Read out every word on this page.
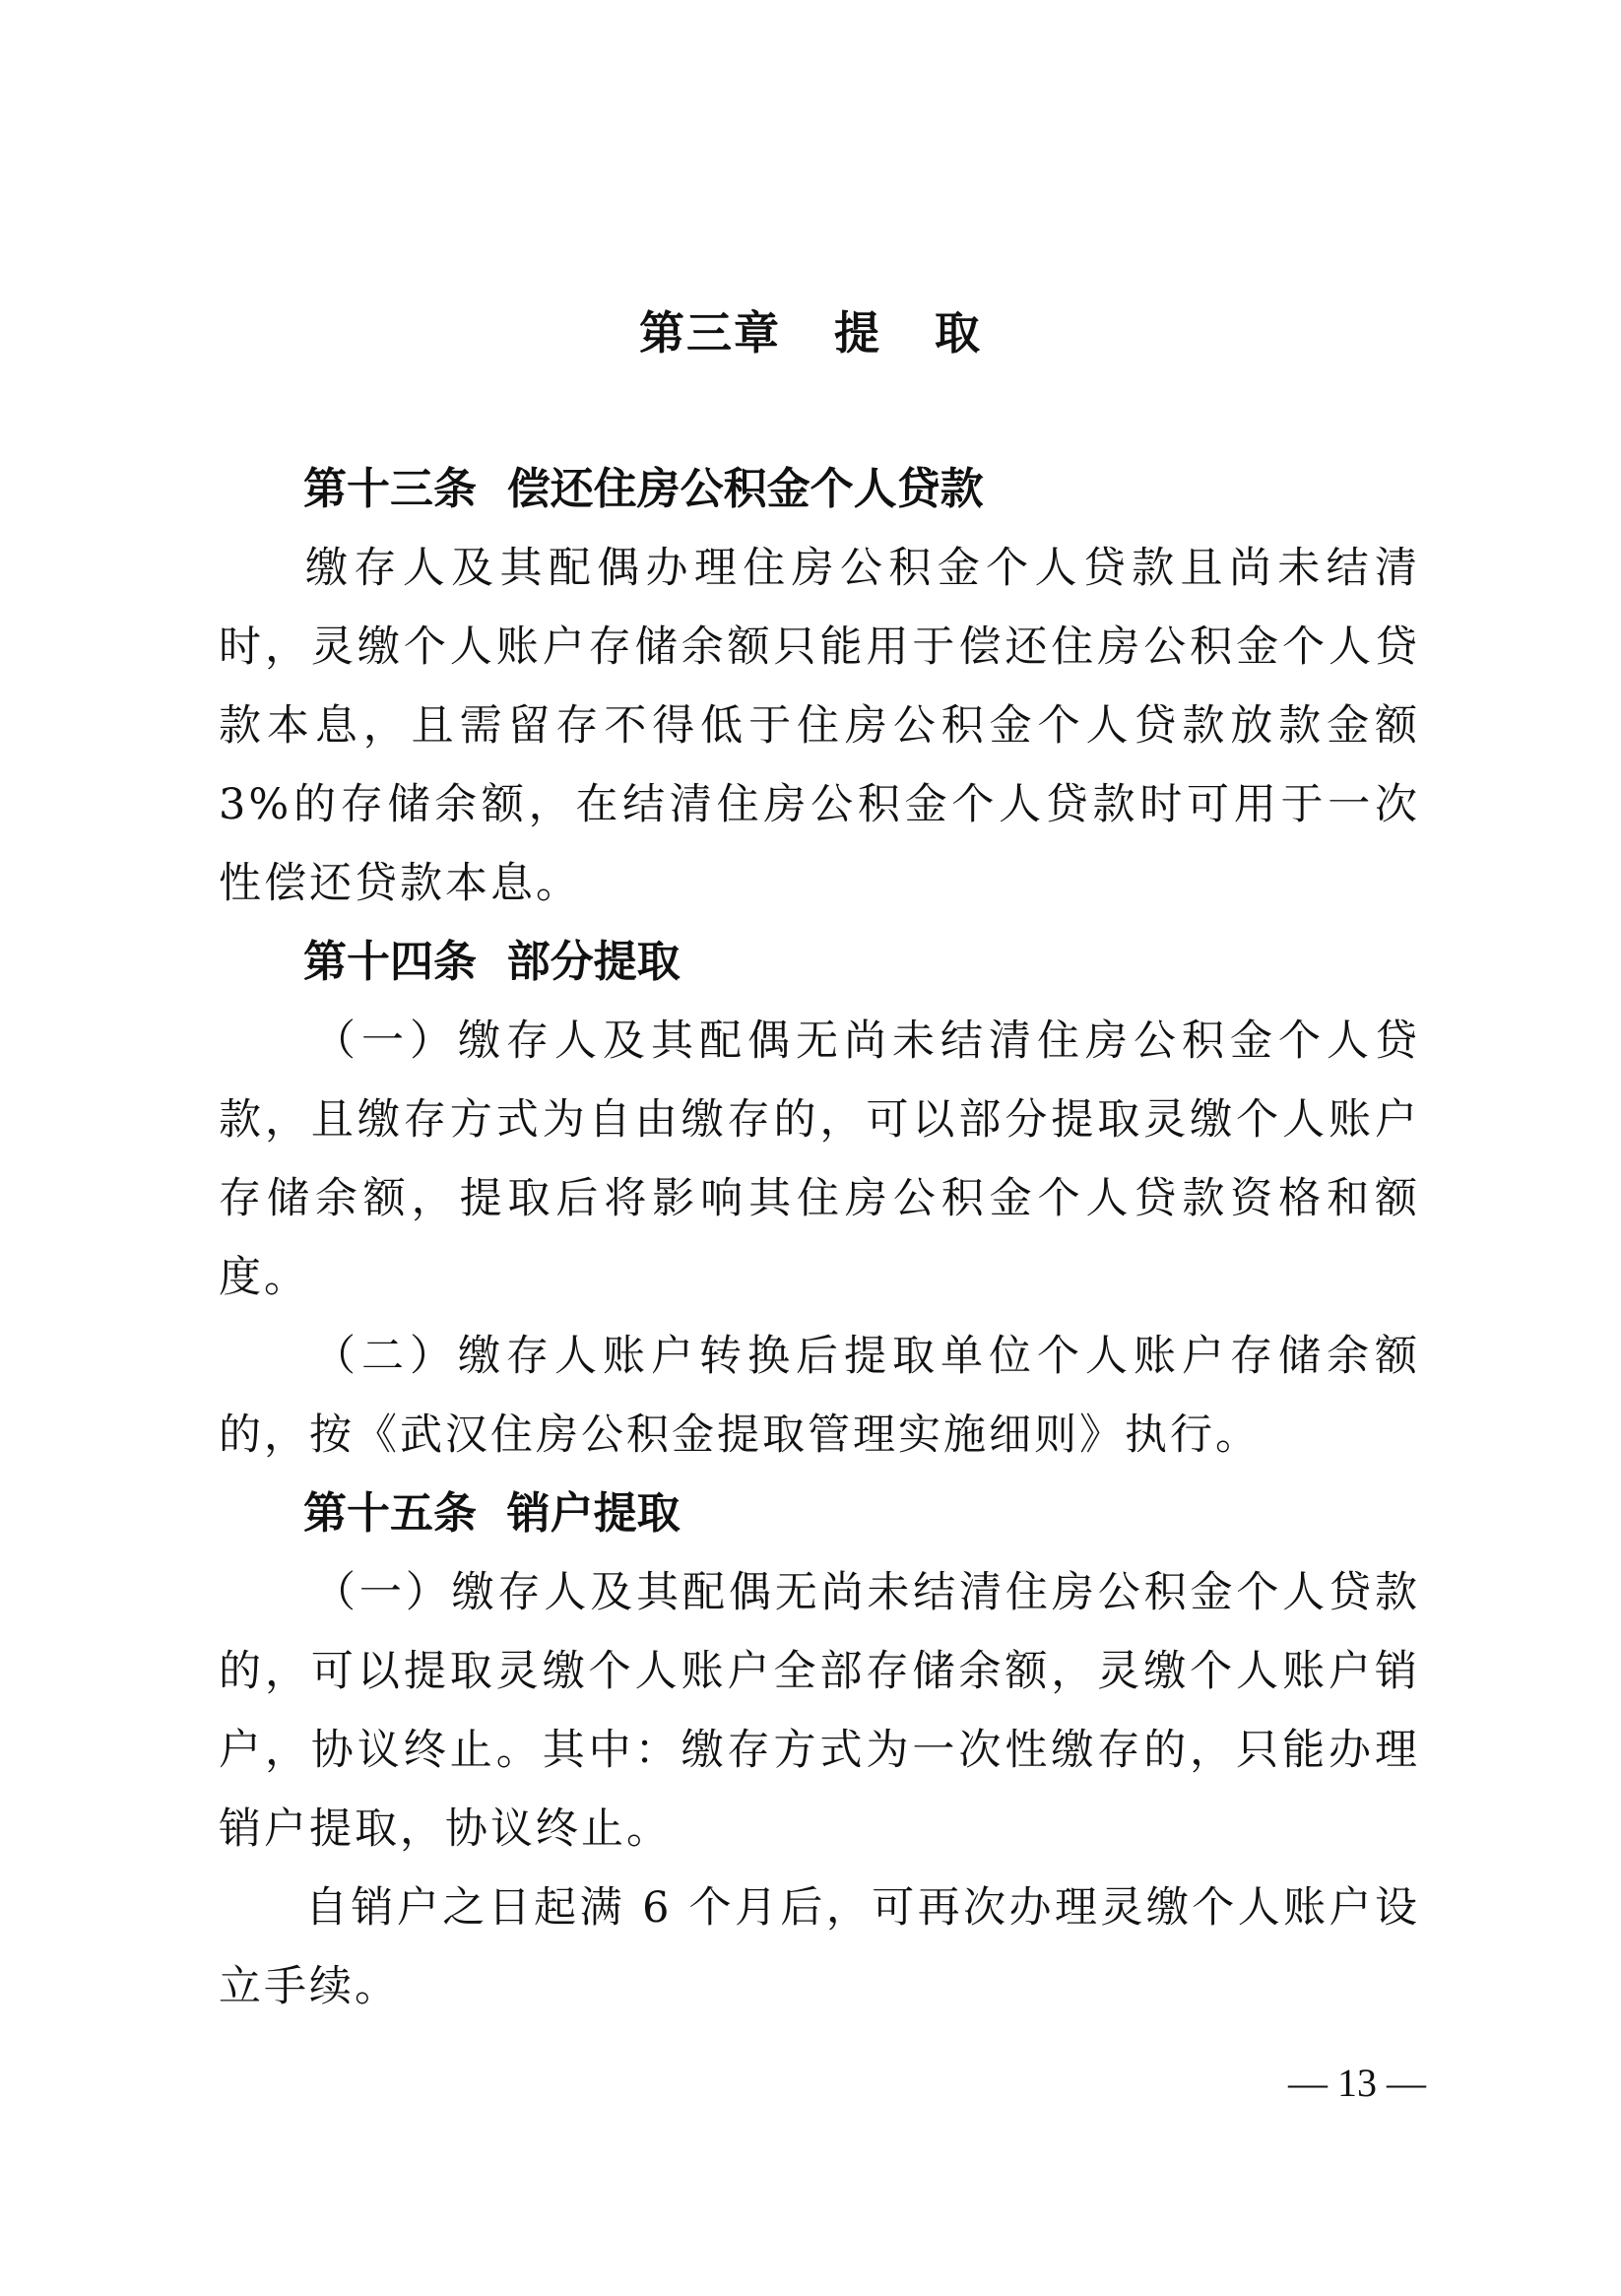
第三章   提   取

第十三条  偿还住房公积金个人贷款

缴存人及其配偶办理住房公积金个人贷款且尚未结清时，灵缴个人账户存储余额只能用于偿还住房公积金个人贷款本息，且需留存不得低于住房公积金个人贷款放款金额 3%的存储余额，在结清住房公积金个人贷款时可用于一次性偿还贷款本息。

第十四条  部分提取

（一）缴存人及其配偶无尚未结清住房公积金个人贷款，且缴存方式为自由缴存的，可以部分提取灵缴个人账户存储余额，提取后将影响其住房公积金个人贷款资格和额度。

（二）缴存人账户转换后提取单位个人账户存储余额的，按《武汉住房公积金提取管理实施细则》执行。

第十五条  销户提取

（一）缴存人及其配偶无尚未结清住房公积金个人贷款的，可以提取灵缴个人账户全部存储余额，灵缴个人账户销户，协议终止。其中：缴存方式为一次性缴存的，只能办理销户提取，协议终止。

自销户之日起满 6 个月后，可再次办理灵缴个人账户设立手续。

— 13 —
